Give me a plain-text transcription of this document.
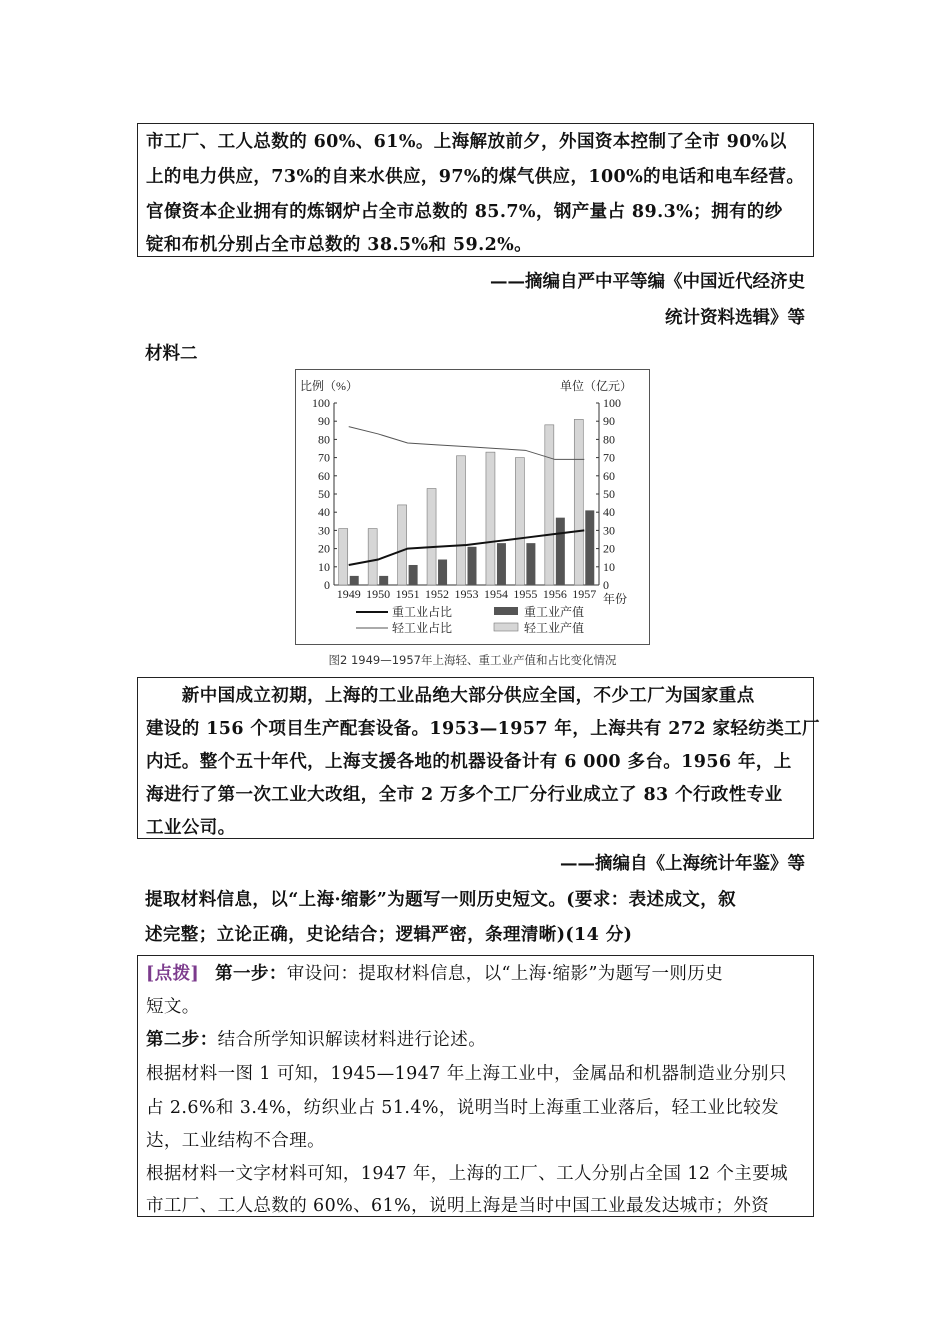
市工厂、工人总数的 60%、61%。上海解放前夕，外国资本控制了全市 90%以
上的电力供应，73%的自来水供应，97%的煤气供应，100%的电话和电车经营。
官僚资本企业拥有的炼钢炉占全市总数的 85.7%，钢产量占 89.3%；拥有的纱
锭和布机分别占全市总数的 38.5%和 59.2%。
——摘编自严中平等编《中国近代经济史
统计资料选辑》等
材料二
比例（%）	单位（亿元）
0	0
10	10
20	20
30	30
40	40
50	50
60	60
70	70
80	80
90	90
100	100
1949 1950 1951 1952 1953 1954 1955 1956 1957 年份
重工业占比
轻工业占比
重工业产值
轻工业产值
图2 1949—1957年上海轻、重工业产值和占比变化情况
　　新中国成立初期，上海的工业品绝大部分供应全国，不少工厂为国家重点
建设的 156 个项目生产配套设备。1953—1957 年，上海共有 272 家轻纺类工厂
内迁。整个五十年代，上海支援各地的机器设备计有 6 000 多台。1956 年，上
海进行了第一次工业大改组，全市 2 万多个工厂分行业成立了 83 个行政性专业
工业公司。
——摘编自《上海统计年鉴》等
提取材料信息，以“上海·缩影”为题写一则历史短文。(要求：表述成文，叙
述完整；立论正确，史论结合；逻辑严密，条理清晰)(14 分)
[点拨] 第一步：审设问：提取材料信息，以“上海·缩影”为题写一则历史
短文。
第二步：结合所学知识解读材料进行论述。
根据材料一图 1 可知，1945—1947 年上海工业中，金属品和机器制造业分别只
占 2.6%和 3.4%，纺织业占 51.4%，说明当时上海重工业落后，轻工业比较发
达，工业结构不合理。
根据材料一文字材料可知，1947 年，上海的工厂、工人分别占全国 12 个主要城
市工厂、工人总数的 60%、61%，说明上海是当时中国工业最发达城市；外资
